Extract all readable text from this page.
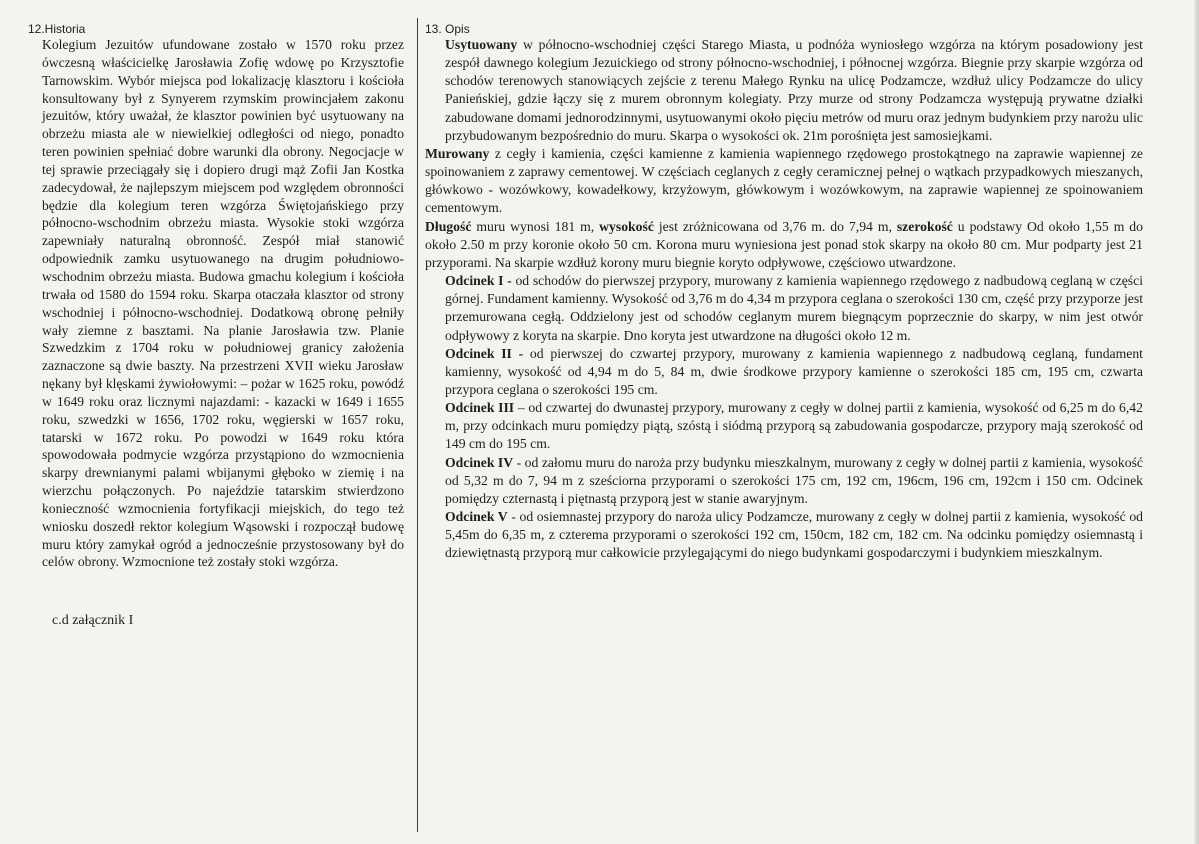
12.Historia

Kolegium Jezuitów ufundowane zostało w 1570 roku przez ówczesną właścicielkę Jarosławia Zofię wdowę po Krzysztofie Tarnowskim. Wybór miejsca pod lokalizację klasztoru i kościoła konsultowany był z Synyerem rzymskim prowincjałem zakonu jezuitów, który uważał, że klasztor powinien być usytuowany na obrzeżu miasta ale w niewielkiej odległości od niego, ponadto teren powinien spełniać dobre warunki dla obrony. Negocjacje w tej sprawie przeciągały się i dopiero drugi mąż Zofii Jan Kostka zadecydował, że najlepszym miejscem pod względem obronności będzie dla kolegium teren wzgórza Świętojańskiego przy północno-wschodnim obrzeżu miasta. Wysokie stoki wzgórza zapewniały naturalną obronność. Zespół miał stanowić odpowiednik zamku usytuowanego na drugim południowo-wschodnim obrzeżu miasta. Budowa gmachu kolegium i kościoła trwała od 1580 do 1594 roku. Skarpa otaczała klasztor od strony wschodniej i północno-wschodniej. Dodatkową obronę pełniły wały ziemne z basztami. Na planie Jarosławia tzw. Planie Szwedzkim z 1704 roku w południowej granicy założenia zaznaczone są dwie baszty. Na przestrzeni XVII wieku Jarosław nękany był klęskami żywiołowymi: – pożar w 1625 roku, powódź w 1649 roku oraz licznymi najazdami: - kazacki w 1649 i 1655 roku, szwedzki w 1656, 1702 roku, węgierski w 1657 roku, tatarski w 1672 roku. Po powodzi w 1649 roku która spowodowała podmycie wzgórza przystąpiono do wzmocnienia skarpy drewnianymi palami wbijanymi głęboko w ziemię i na wierzchu połączonych. Po najeździe tatarskim stwierdzono konieczność wzmocnienia fortyfikacji miejskich, do tego też wniosku doszedł rektor kolegium Wąsowski i rozpoczął budowę muru który zamykał ogród a jednocześnie przystosowany był do celów obrony. Wzmocnione też zostały stoki wzgórza.

c.d załącznik I

13. Opis

Usytuowany w północno-wschodniej części Starego Miasta, u podnóża wyniosłego wzgórza na którym posadowiony jest zespół dawnego kolegium Jezuickiego od strony północno-wschodniej, i północnej wzgórza. Biegnie przy skarpie wzgórza od schodów terenowych stanowiących zejście z terenu Małego Rynku na ulicę Podzamcze, wzdłuż ulicy Podzamcze do ulicy Panieńskiej, gdzie łączy się z murem obronnym kolegiaty. Przy murze od strony Podzamcza występują prywatne działki zabudowane domami jednorodzinnymi, usytuowanymi około pięciu metrów od muru oraz jednym budynkiem przy narożu ulic przybudowanym bezpośrednio do muru. Skarpa o wysokości ok. 21m porośnięta jest samosiejkami.

Murowany z cegły i kamienia, części kamienne z kamienia wapiennego rzędowego prostokątnego na zaprawie wapiennej ze spoinowaniem z zaprawy cementowej. W częściach ceglanych z cegły ceramicznej pełnej o wątkach przypadkowych mieszanych, główkowo - wozówkowy, kowadełkowy, krzyżowym, główkowym i wozówkowym, na zaprawie wapiennej ze spoinowaniem cementowym.

Długość muru wynosi 181 m, wysokość jest zróżnicowana od 3,76 m. do 7,94 m, szerokość u podstawy Od około 1,55 m do około 2.50 m przy koronie około 50 cm. Korona muru wyniesiona jest ponad stok skarpy na około 80 cm. Mur podparty jest 21 przyporami. Na skarpie wzdłuż korony muru biegnie koryto odpływowe, częściowo utwardzone.

Odcinek I - od schodów do pierwszej przypory, murowany z kamienia wapiennego rzędowego z nadbudową ceglaną w części górnej. Fundament kamienny. Wysokość od 3,76 m do 4,34 m przypora ceglana o szerokości 130 cm, część przy przyporze jest przemurowana cegłą. Oddzielony jest od schodów ceglanym murem biegnącym poprzecznie do skarpy, w nim jest otwór odpływowy z koryta na skarpie. Dno koryta jest utwardzone na długości około 12 m.

Odcinek II - od pierwszej do czwartej przypory, murowany z kamienia wapiennego z nadbudową ceglaną, fundament kamienny, wysokość od 4,94 m do 5, 84 m, dwie środkowe przypory kamienne o szerokości 185 cm, 195 cm, czwarta przypora ceglana o szerokości 195 cm.

Odcinek III – od czwartej do dwunastej przypory, murowany z cegły w dolnej partii z kamienia, wysokość od 6,25 m do 6,42 m, przy odcinkach muru pomiędzy piątą, szóstą i siódmą przyporą są zabudowania gospodarcze, przypory mają szerokość od 149 cm do 195 cm.

Odcinek IV - od załomu muru do naroża przy budynku mieszkalnym, murowany z cegły w dolnej partii z kamienia, wysokość od 5,32 m do 7, 94 m z sześciorna przyporami o szerokości 175 cm, 192 cm, 196cm, 196 cm, 192cm i 150 cm. Odcinek pomiędzy czternastą i piętnastą przyporą jest w stanie awaryjnym.

Odcinek V - od osiemnastej przypory do naroża ulicy Podzamcze, murowany z cegły w dolnej partii z kamienia, wysokość od 5,45m do 6,35 m, z czterema przyporami o szerokości 192 cm, 150cm, 182 cm, 182 cm. Na odcinku pomiędzy osiemnastą i dziewiętnastą przyporą mur całkowicie przylegającymi do niego budynkami gospodarczymi i budynkiem mieszkalnym.
